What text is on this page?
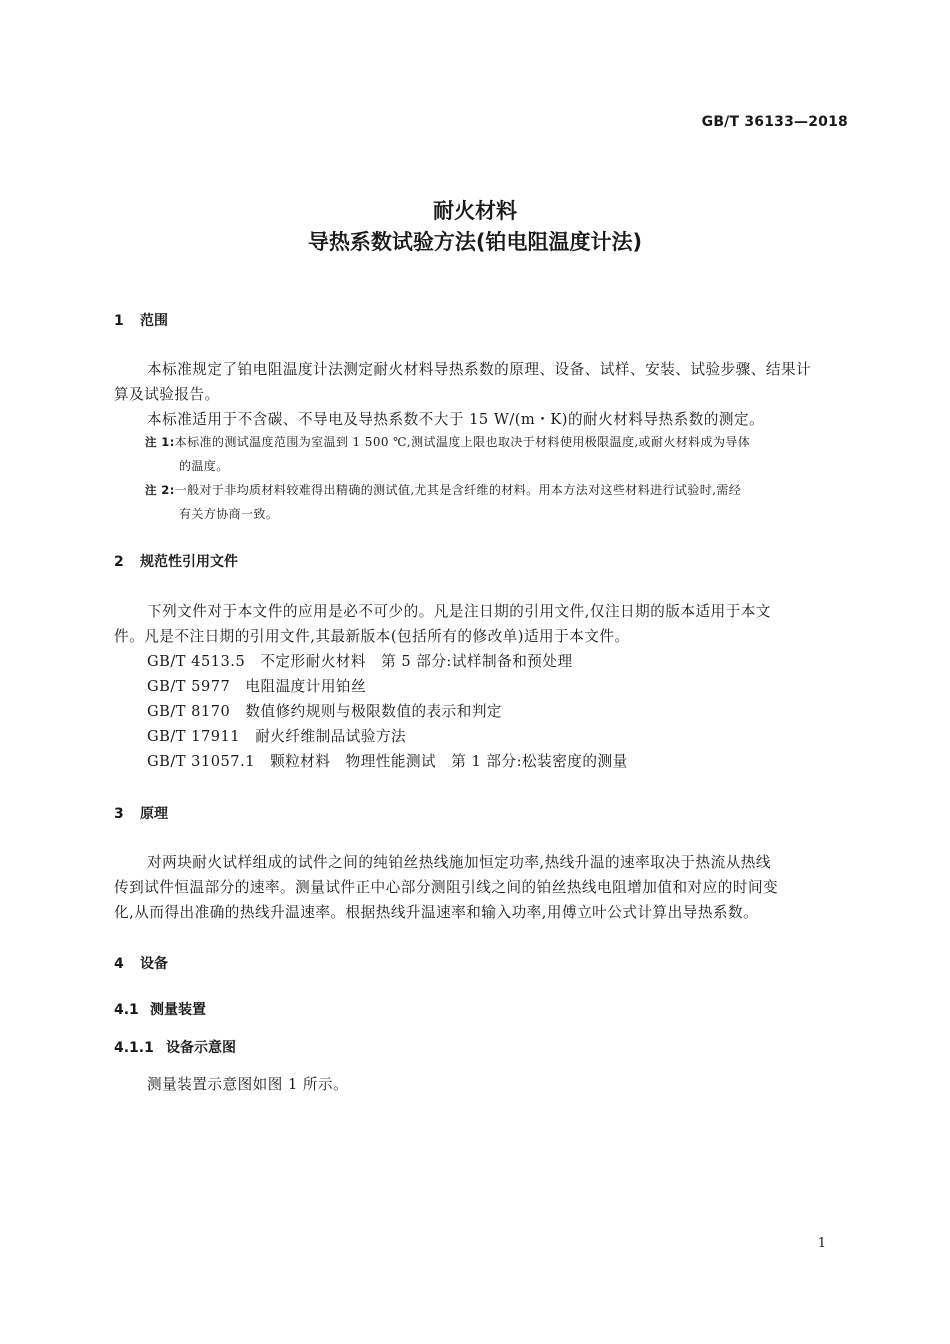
GB/T 36133—2018
耐火材料
导热系数试验方法(铂电阻温度计法)
1 范围
本标准规定了铂电阻温度计法测定耐火材料导热系数的原理、设备、试样、安装、试验步骤、结果计
算及试验报告。
本标准适用于不含碳、不导电及导热系数不大于 15 W/(m・K)的耐火材料导热系数的测定。
注 1:本标准的测试温度范围为室温到 1 500 ℃,测试温度上限也取决于材料使用极限温度,或耐火材料成为导体
的温度。
注 2:一般对于非均质材料较难得出精确的测试值,尤其是含纤维的材料。用本方法对这些材料进行试验时,需经
有关方协商一致。
2 规范性引用文件
下列文件对于本文件的应用是必不可少的。凡是注日期的引用文件,仅注日期的版本适用于本文
件。凡是不注日期的引用文件,其最新版本(包括所有的修改单)适用于本文件。
GB/T 4513.5　不定形耐火材料　第 5 部分:试样制备和预处理
GB/T 5977　电阻温度计用铂丝
GB/T 8170　数值修约规则与极限数值的表示和判定
GB/T 17911　耐火纤维制品试验方法
GB/T 31057.1　颗粒材料　物理性能测试　第 1 部分:松装密度的测量
3 原理
对两块耐火试样组成的试件之间的纯铂丝热线施加恒定功率,热线升温的速率取决于热流从热线
传到试件恒温部分的速率。测量试件正中心部分测阻引线之间的铂丝热线电阻增加值和对应的时间变
化,从而得出准确的热线升温速率。根据热线升温速率和输入功率,用傅立叶公式计算出导热系数。
4 设备
4.1 测量装置
4.1.1 设备示意图
测量装置示意图如图 1 所示。
1
